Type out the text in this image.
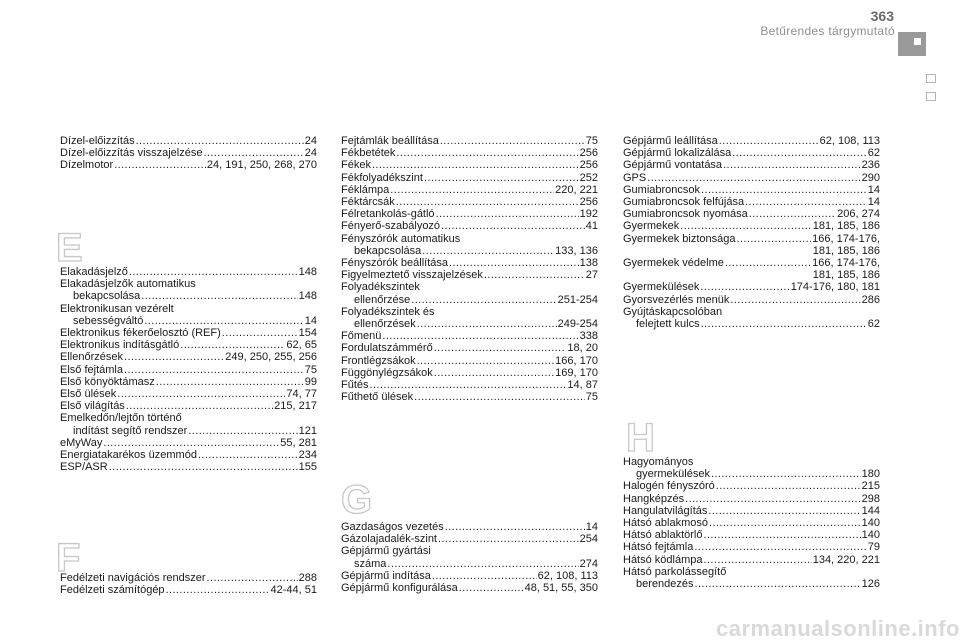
363
Betűrendes tárgymutató
E
F
G
H
Dízel-előizzítás .....	24
Dízel-előizzítás visszajelzése .....	24
Dízelmotor .....	24, 191, 250, 268, 270
Elakadásjelző .....	148
Elakadásjelzők automatikus
bekapcsolása .....	148
Elektronikusan vezérelt
sebességváltó .....	14
Elektronikus fékerőelosztó (REF) .....	154
Elektronikus indításgátló .....	62, 65
Ellenőrzések .....	249, 250, 255, 256
Első fejtámla .....	75
Első könyöktámasz .....	99
Első ülések .....	74, 77
Első világítás .....	215, 217
Emelkedőn/lejtőn történő
indítást segítő rendszer .....	121
eMyWay .....	55, 281
Energiatakarékos üzemmód .....	234
ESP/ASR .....	155
Fedélzeti navigációs rendszer .....	288
Fedélzeti számítógép .....	42-44, 51
Fejtámlák beállítása .....	75
Fékbetétek .....	256
Fékek .....	256
Fékfolyadékszint .....	252
Féklámpa .....	220, 221
Féktárcsák .....	256
Félretankolás-gátló .....	192
Fényerő-szabályozó .....	41
Fényszórók automatikus
bekapcsolása .....	133, 136
Fényszórók beállítása .....	138
Figyelmeztető visszajelzések .....	27
Folyadékszintek
ellenőrzése .....	251-254
Folyadékszintek és
ellenőrzések .....	249-254
Főmenü .....	338
Fordulatszámmérő .....	18, 20
Frontlégzsákok .....	166, 170
Függönylégzsákok .....	169, 170
Fűtés .....	14, 87
Fűthető ülések .....	75
Gazdaságos vezetés .....	14
Gázolajadalék-szint .....	254
Gépjármű gyártási
száma .....	274
Gépjármű indítása .....	62, 108, 113
Gépjármű konfigurálása .....	48, 51, 55, 350
Gépjármű leállítása .....	62, 108, 113
Gépjármű lokalizálása .....	62
Gépjármű vontatása .....	236
GPS .....	290
Gumiabroncsok .....	14
Gumiabroncsok felfújása .....	14
Gumiabroncsok nyomása .....	206, 274
Gyermekek .....	181, 185, 186
Gyermekek biztonsága .....	166, 174-176,
181, 185, 186
Gyermekek védelme .....	166, 174-176,
181, 185, 186
Gyermekülések .....	174-176, 180, 181
Gyorsvezérlés menük .....	286
Gyújtáskapcsolóban
felejtett kulcs .....	62
Hagyományos
gyermekülések .....	180
Halogén fényszóró .....	215
Hangképzés .....	298
Hangulatvilágítás .....	144
Hátsó ablakmosó .....	140
Hátsó ablaktörlő .....	140
Hátsó fejtámla .....	79
Hátsó ködlámpa .....	134, 220, 221
Hátsó parkolássegítő
berendezés .....	126
carmanualsonline.info
